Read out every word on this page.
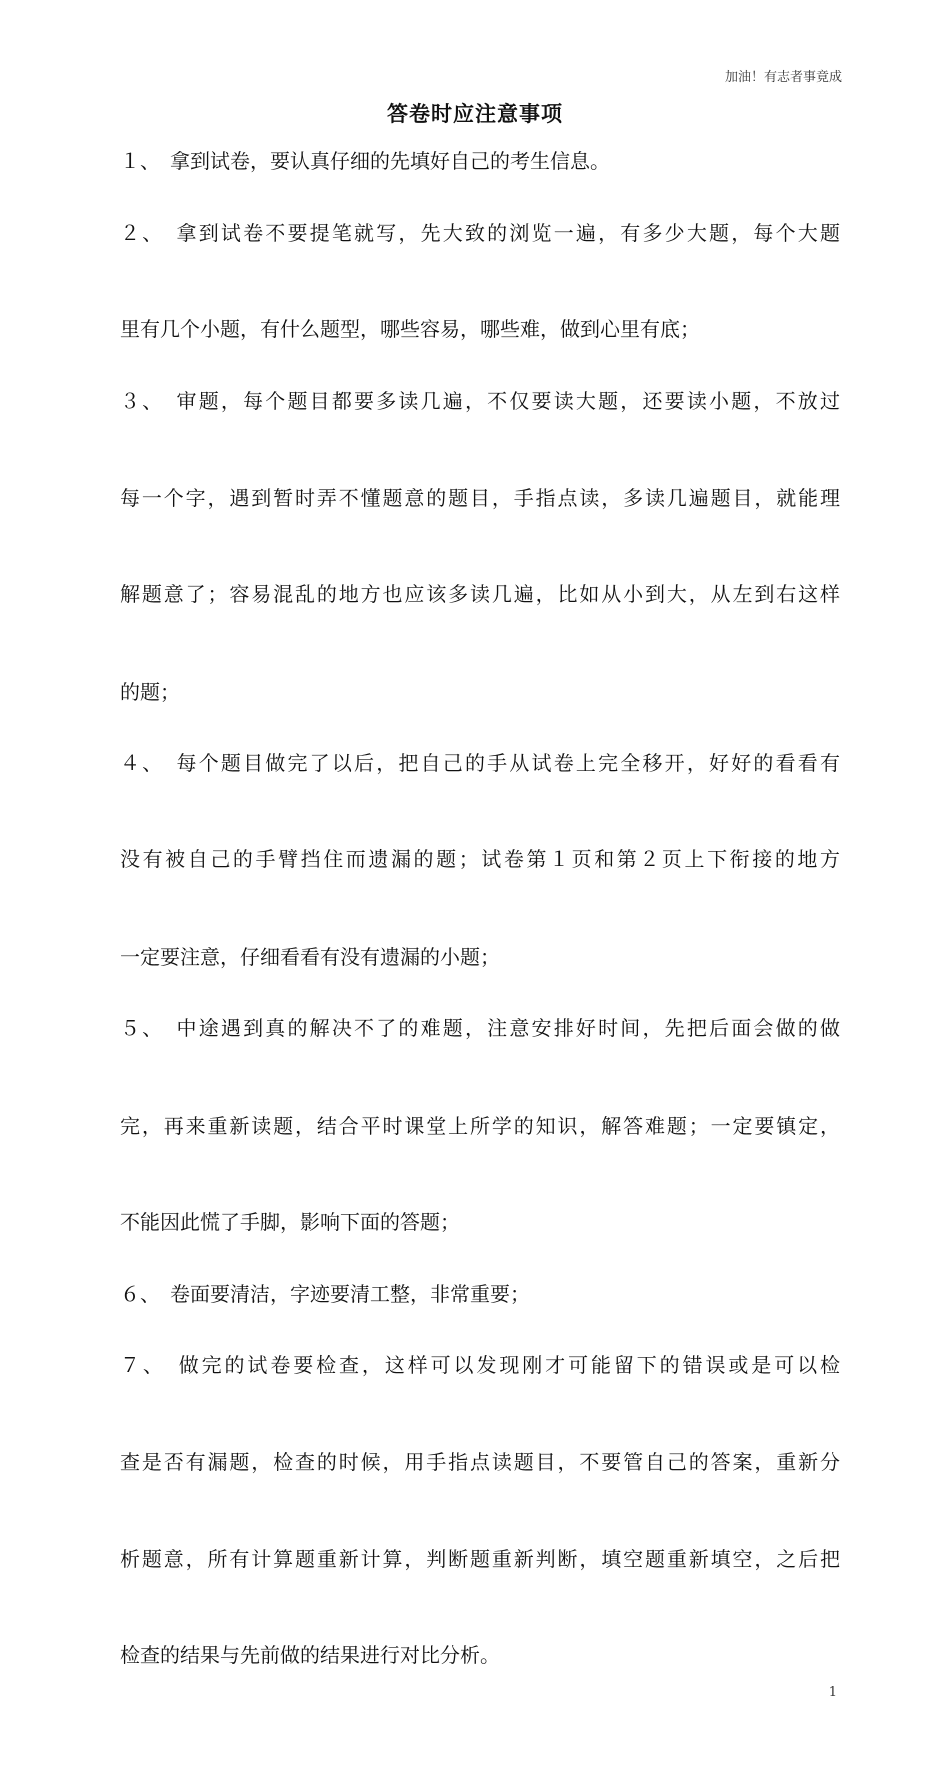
加油！有志者事竟成
答卷时应注意事项
１、　拿到试卷，要认真仔细的先填好自己的考生信息。
２、　拿到试卷不要提笔就写，先大致的浏览一遍，有多少大题，每个大题
里有几个小题，有什么题型，哪些容易，哪些难，做到心里有底；
３、　审题，每个题目都要多读几遍，不仅要读大题，还要读小题，不放过
每一个字，遇到暂时弄不懂题意的题目，手指点读，多读几遍题目，就能理
解题意了；容易混乱的地方也应该多读几遍，比如从小到大，从左到右这样
的题；
４、　每个题目做完了以后，把自己的手从试卷上完全移开，好好的看看有
没有被自己的手臂挡住而遗漏的题；试卷第１页和第２页上下衔接的地方
一定要注意，仔细看看有没有遗漏的小题；
５、　中途遇到真的解决不了的难题，注意安排好时间，先把后面会做的做
完，再来重新读题，结合平时课堂上所学的知识，解答难题；一定要镇定，
不能因此慌了手脚，影响下面的答题；
６、　卷面要清洁，字迹要清工整，非常重要；
７、　做完的试卷要检查，这样可以发现刚才可能留下的错误或是可以检
查是否有漏题，检查的时候，用手指点读题目，不要管自己的答案，重新分
析题意，所有计算题重新计算，判断题重新判断，填空题重新填空，之后把
检查的结果与先前做的结果进行对比分析。
1
